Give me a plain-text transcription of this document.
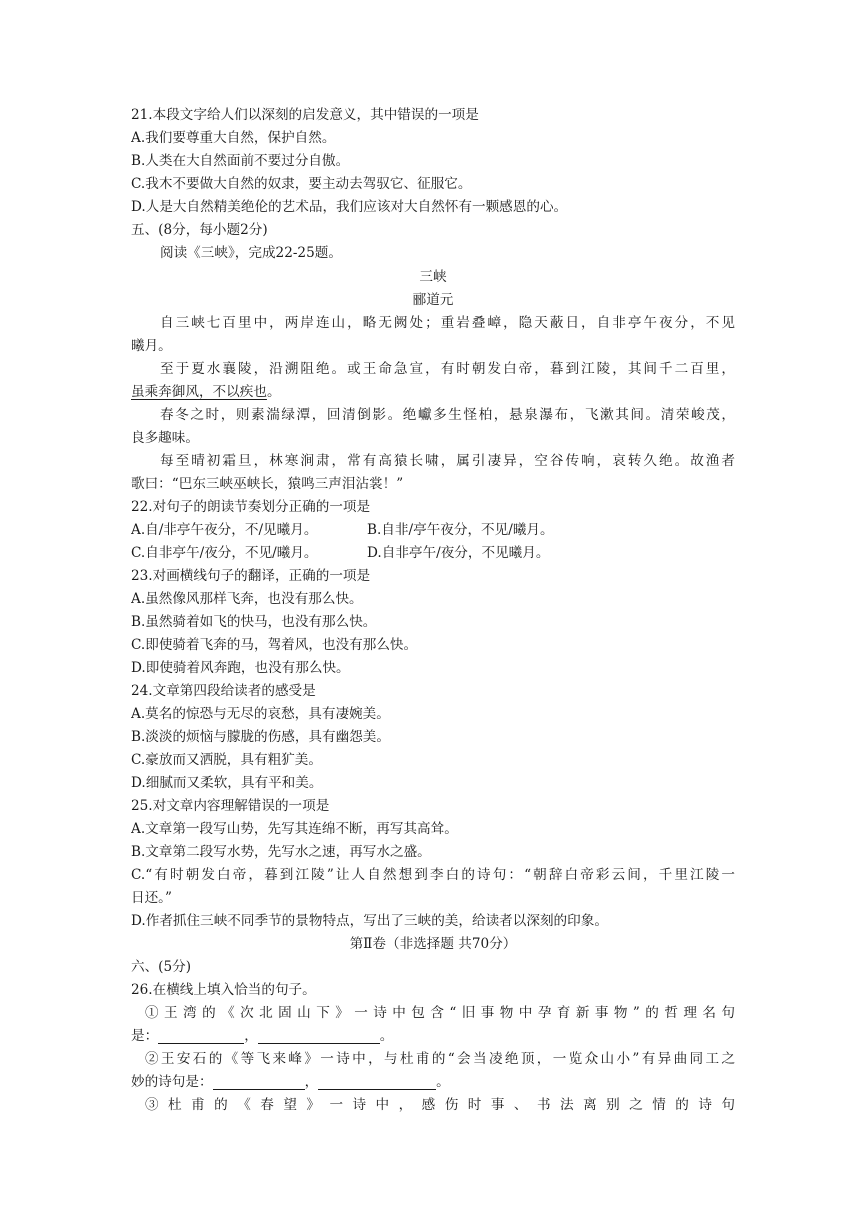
21.本段文字给人们以深刻的启发意义，其中错误的一项是
A.我们要尊重大自然，保护自然。
B.人类在大自然面前不要过分自傲。
C.我木不要做大自然的奴隶，要主动去驾驭它、征服它。
D.人是大自然精美绝伦的艺术品，我们应该对大自然怀有一颗感恩的心。
五、(8分，每小题2分)
阅读《三峡》，完成22-25题。
三峡
郦道元
自三峡七百里中，两岸连山，略无阙处；重岩叠嶂，隐天蔽日，自非亭午夜分，不见
曦月。
至于夏水襄陵，沿溯阻绝。或王命急宣，有时朝发白帝，暮到江陵，其间千二百里，
虽乘奔御风，不以疾也。
春冬之时，则素湍绿潭，回清倒影。绝巘多生怪柏，悬泉瀑布，飞漱其间。清荣峻茂，
良多趣味。
每至晴初霜旦，林寒涧肃，常有高猿长啸，属引凄异，空谷传响，哀转久绝。故渔者
歌曰：“巴东三峡巫峡长，猿鸣三声泪沾裳！”
22.对句子的朗读节奏划分正确的一项是
A.自/非亭午夜分，不/见曦月。	B.自非/亭午夜分，不见/曦月。
C.自非亭午/夜分，不见/曦月。	D.自非亭午/夜分，不见曦月。
23.对画横线句子的翻译，正确的一项是
A.虽然像风那样飞奔，也没有那么快。
B.虽然骑着如飞的快马，也没有那么快。
C.即使骑着飞奔的马，驾着风，也没有那么快。
D.即使骑着风奔跑，也没有那么快。
24.文章第四段给读者的感受是
A.莫名的惊恐与无尽的哀愁，具有凄婉美。
B.淡淡的烦恼与朦胧的伤感，具有幽怨美。
C.豪放而又洒脱，具有粗犷美。
D.细腻而又柔软，具有平和美。
25.对文章内容理解错误的一项是
A.文章第一段写山势，先写其连绵不断，再写其高耸。
B.文章第二段写水势，先写水之速，再写水之盛。
C.“有时朝发白帝，暮到江陵”让人自然想到李白的诗句：“朝辞白帝彩云间，千里江陵一
日还。”
D.作者抓住三峡不同季节的景物特点，写出了三峡的美，给读者以深刻的印象。
第Ⅱ卷（非选择题 共70分）
六、(5分)
26.在横线上填入恰当的句子。
①王湾的《次北固山下》一诗中包含“旧事物中孕育新事物”的哲理名句
是：	，	。
②王安石的《等飞来峰》一诗中，与杜甫的“会当凌绝顶，一览众山小”有异曲同工之
妙的诗句是：	，	。
③杜甫的《春望》一诗中，感伤时事、书法离别之情的诗句
